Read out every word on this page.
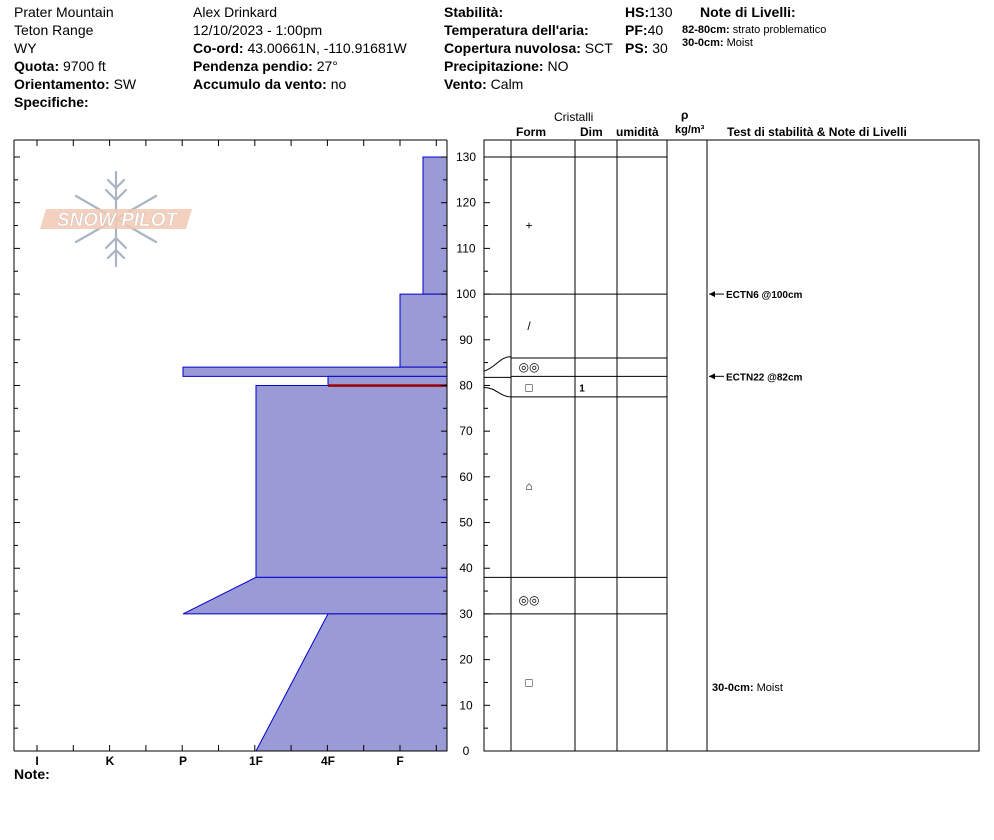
Prater Mountain
Teton Range
WY
Quota: 9700 ft
Orientamento: SW
Specifiche:
Alex Drinkard
12/10/2023 - 1:00pm
Co-ord: 43.00661N, -110.91681W
Pendenza pendio: 27°
Accumulo da vento: no
Stabilità:
Temperatura dell'aria:
Copertura nuvolosa: SCT
Precipitazione: NO
Vento: Calm
HS:130
PF:40
PS: 30
Note di Livelli:
82-80cm: strato problematico
30-0cm: Moist
Cristalli
Form	Dim umidità
ρ
kg/m³ Test di stabilità & Note di Livelli
Note:
SNOW PILOT
I	K	P	1F	4F	F
0
10
20
30
40
50
60
70
80
90
100
110
120
130
+
/
◎◎
□	1
⌂
◎◎
□
ECTN6 @100cm
ECTN22 @82cm
30-0cm: Moist
